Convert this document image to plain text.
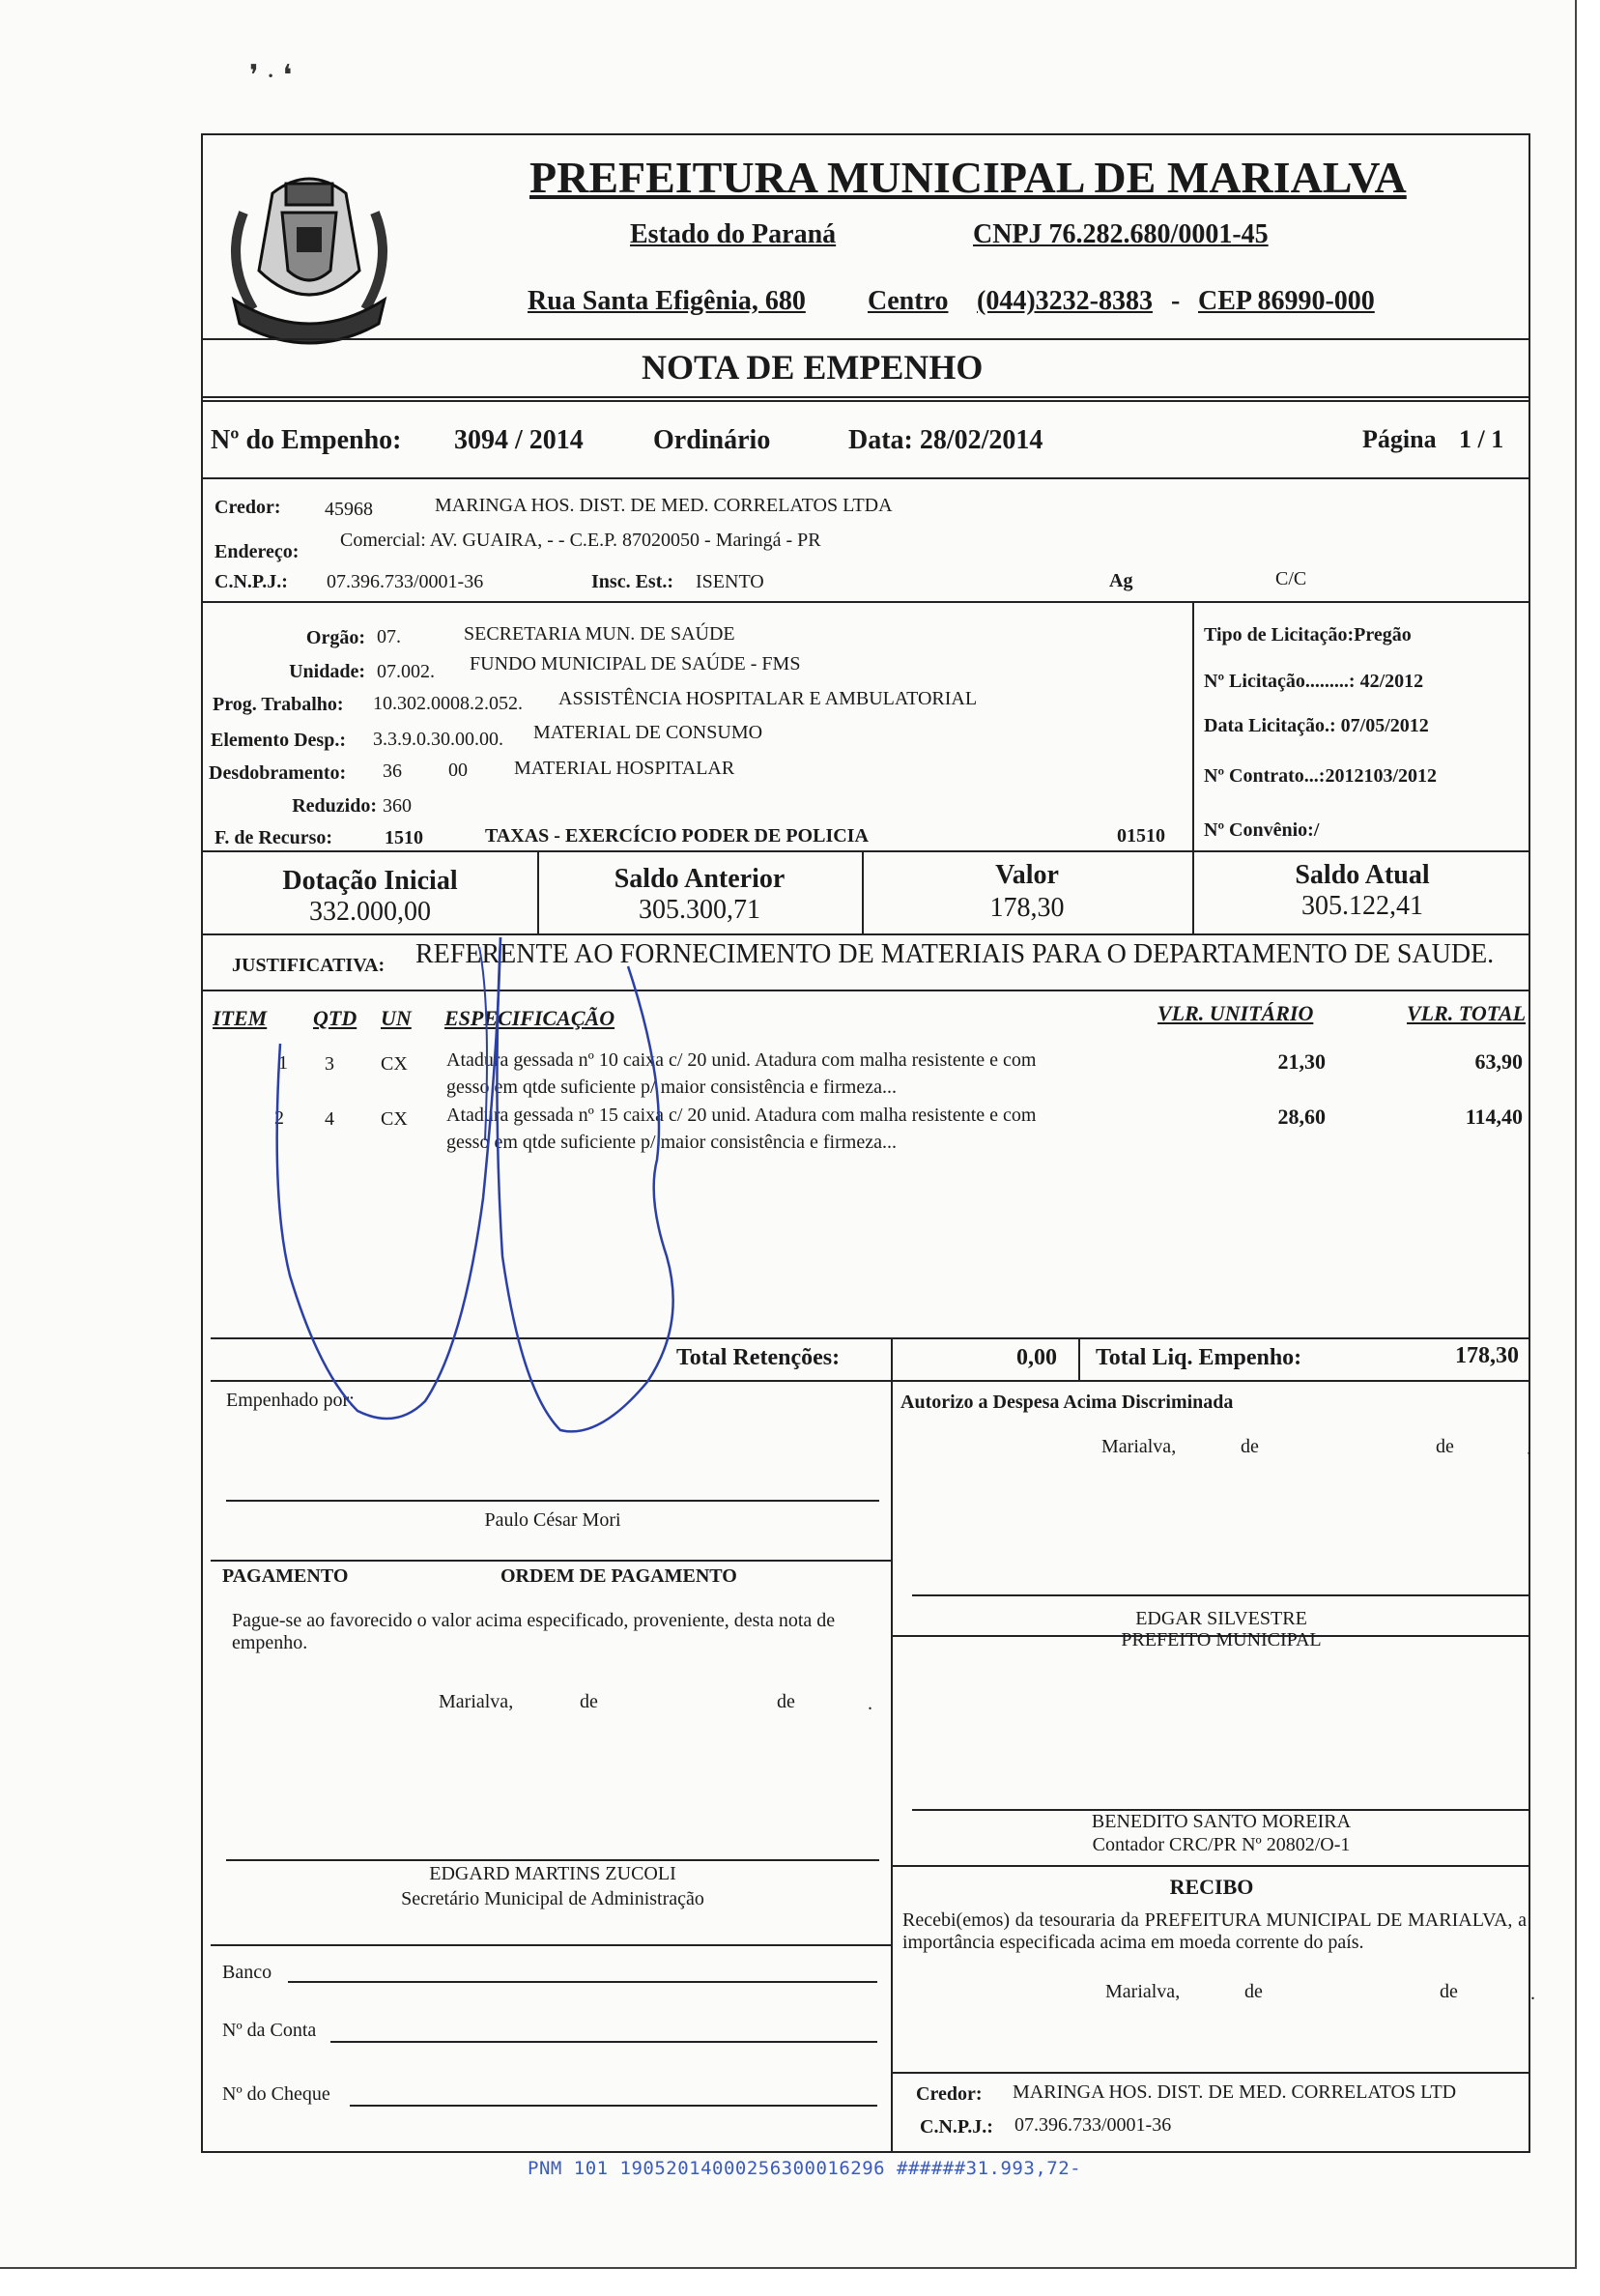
❜ · ❛
PREFEITURA MUNICIPAL DE MARIALVA
Estado do Paraná	CNPJ 76.282.680/0001-45
Rua Santa Efigênia, 680 Centro (044)3232-8383 - CEP 86990-000
NOTA DE EMPENHO
Nº do Empenho: 3094 / 2014	Ordinário	Data: 28/02/2014	Página 1 / 1
Credor: 45968	MARINGA HOS. DIST. DE MED. CORRELATOS LTDA
Endereço:
Comercial: AV. GUAIRA, - - C.E.P. 87020050 - Maringá - PR
C.N.P.J.: 07.396.733/0001-36	Insc. Est.: ISENTO	Ag	C/C
Orgão: 07.	SECRETARIA MUN. DE SAÚDE
Unidade: 07.002. FUNDO MUNICIPAL DE SAÚDE - FMS
Prog. Trabalho: 10.302.0008.2.052. ASSISTÊNCIA HOSPITALAR E AMBULATORIAL
Elemento Desp.: 3.3.9.0.30.00.00. MATERIAL DE CONSUMO
Desdobramento: 36 00 MATERIAL HOSPITALAR
Reduzido: 360
F. de Recurso:	1510	TAXAS - EXERCÍCIO PODER DE POLICIA	01510
Tipo de Licitação:Pregão
Nº Licitação.........: 42/2012
Data Licitação.: 07/05/2012
Nº Contrato...:2012103/2012
Nº Convênio:/
Dotação Inicial
332.000,00
Saldo Anterior
305.300,71
Valor
178,30
Saldo Atual
305.122,41
JUSTIFICATIVA: REFERENTE AO FORNECIMENTO DE MATERIAIS PARA O DEPARTAMENTO DE SAUDE.
ITEM QTD UN ESPECIFICAÇÃO	VLR. UNITÁRIO	VLR. TOTAL
1 3 CX Atadura gessada nº 10 caixa c/ 20 unid. Atadura com malha resistente e com
gesso em qtde suficiente p/ maior consistência e firmeza...
21,30	63,90
2 4 CX Atadura gessada nº 15 caixa c/ 20 unid. Atadura com malha resistente e com
gesso em qtde suficiente p/ maior consistência e firmeza...
28,60	114,40
Total Retenções:	0,00 Total Liq. Empenho:	178,30
Empenhado por:
Paulo César Mori
PAGAMENTO	ORDEM DE PAGAMENTO
Pague-se ao favorecido o valor acima especificado, proveniente, desta nota de empenho.
Marialva,	de	de	.
EDGARD MARTINS ZUCOLI
Secretário Municipal de Administração
Banco
Nº da Conta
Nº do Cheque
Autorizo a Despesa Acima Discriminada
Marialva,	de	de	.
EDGAR SILVESTRE
PREFEITO MUNICIPAL
BENEDITO SANTO MOREIRA
Contador CRC/PR Nº 20802/O-1
RECIBO
Recebi(emos) da tesouraria da PREFEITURA MUNICIPAL DE MARIALVA, a importância especificada acima em moeda corrente do país.
Marialva,	de	de	.
Credor: MARINGA HOS. DIST. DE MED. CORRELATOS LTD
C.N.P.J.: 07.396.733/0001-36
PNM 101 19052014000256300016296 ######31.993,72-
